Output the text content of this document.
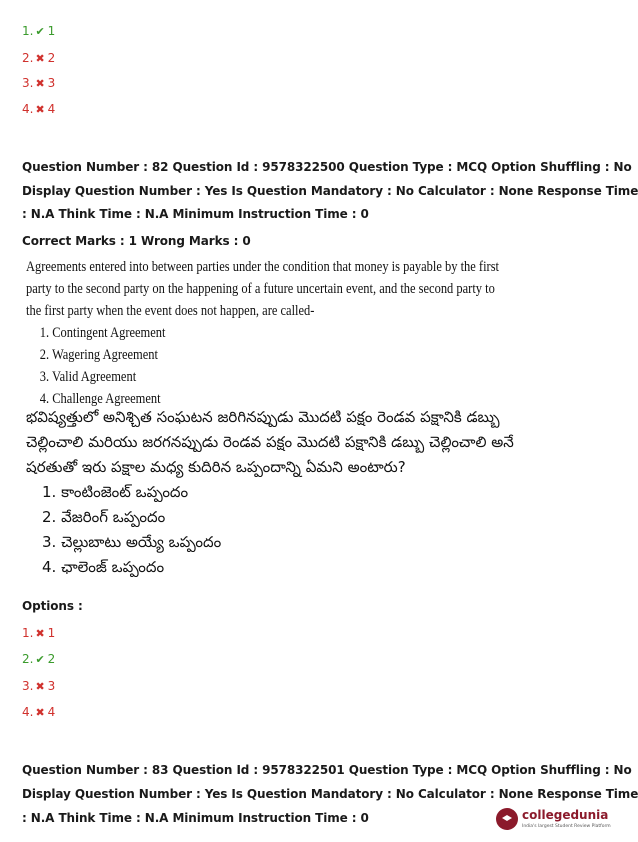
1. ✔ 1
2. ✖ 2
3. ✖ 3
4. ✖ 4
Question Number : 82 Question Id : 9578322500 Question Type : MCQ Option Shuffling : No
Display Question Number : Yes Is Question Mandatory : No Calculator : None Response Time
: N.A Think Time : N.A Minimum Instruction Time : 0
Correct Marks : 1 Wrong Marks : 0
Agreements entered into between parties under the condition that money is payable by the first
party to the second party on the happening of a future uncertain event, and the second party to
the first party when the event does not happen, are called-
1. Contingent Agreement
2. Wagering Agreement
3. Valid Agreement
4. Challenge Agreement
భవిష్యత్తులో అనిశ్చిత సంఘటన జరిగినప్పుడు మొదటి పక్షం రెండవ పక్షానికి డబ్బు
చెల్లించాలి మరియు జరగనప్పుడు రెండవ పక్షం మొదటి పక్షానికి డబ్బు చెల్లించాలి అనే
షరతుతో ఇరు పక్షాల మధ్య కుదిరిన ఒప్పందాన్ని ఏమని అంటారు?
1. కాంటింజెంట్ ఒప్పందం
2. వేజరింగ్ ఒప్పందం
3. చెల్లుబాటు అయ్యే ఒప్పందం
4. ఛాలెంజ్ ఒప్పందం
Options :
1. ✖ 1
2. ✔ 2
3. ✖ 3
4. ✖ 4
Question Number : 83 Question Id : 9578322501 Question Type : MCQ Option Shuffling : No
Display Question Number : Yes Is Question Mandatory : No Calculator : None Response Time
: N.A Think Time : N.A Minimum Instruction Time : 0	collegedunia
India's largest Student Review Platform
